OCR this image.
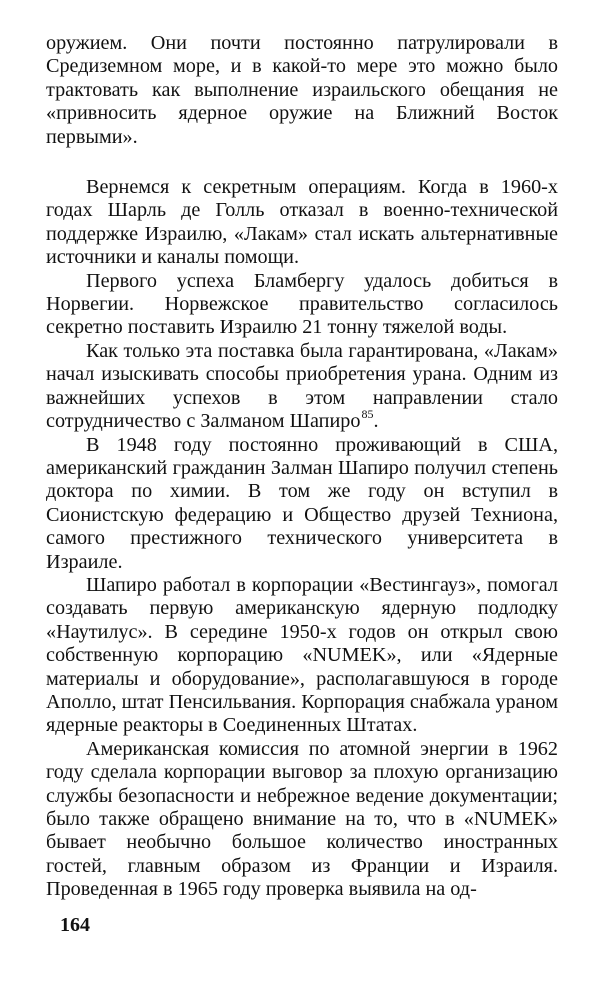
оружием. Они почти постоянно патрулировали в Средиземном море, и в какой-то мере это можно было трактовать как выполнение израильского обещания не «привносить ядерное оружие на Ближний Восток первыми».

Вернемся к секретным операциям. Когда в 1960-х годах Шарль де Голль отказал в военно-технической поддержке Израилю, «Лакам» стал искать альтернативные источники и каналы помощи.

Первого успеха Бламбергу удалось добиться в Норвегии. Норвежское правительство согласилось секретно поставить Израилю 21 тонну тяжелой воды.

Как только эта поставка была гарантирована, «Лакам» начал изыскивать способы приобретения урана. Одним из важнейших успехов в этом направлении стало сотрудничество с Залманом Шапиро$^{85}$.

В 1948 году постоянно проживающий в США, американский гражданин Залман Шапиро получил степень доктора по химии. В том же году он вступил в Сионистскую федерацию и Общество друзей Техниона, самого престижного технического университета в Израиле.

Шапиро работал в корпорации «Вестингауз», помогал создавать первую американскую ядерную подлодку «Наутилус». В середине 1950-х годов он открыл свою собственную корпорацию «NUMEK», или «Ядерные материалы и оборудование», располагавшуюся в городе Аполло, штат Пенсильвания. Корпорация снабжала ураном ядерные реакторы в Соединенных Штатах.

Американская комиссия по атомной энергии в 1962 году сделала корпорации выговор за плохую организацию службы безопасности и небрежное ведение документации; было также обращено внимание на то, что в «NUMEK» бывает необычно большое количество иностранных гостей, главным образом из Франции и Израиля. Проведенная в 1965 году проверка выявила на од-

164
